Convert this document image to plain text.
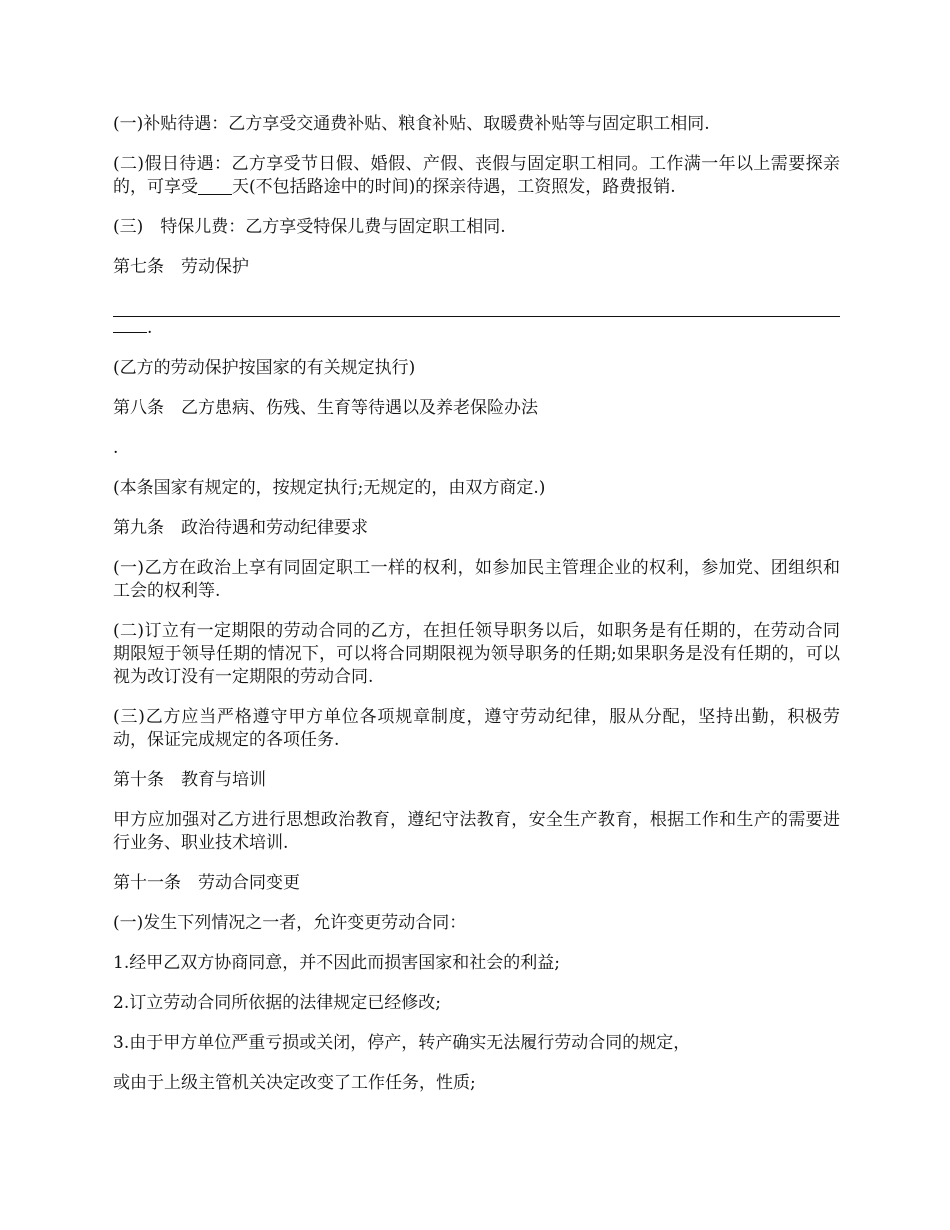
(一)补贴待遇：乙方享受交通费补贴、粮食补贴、取暖费补贴等与固定职工相同.

(二)假日待遇：乙方享受节日假、婚假、产假、丧假与固定职工相同。工作满一年以上需要探亲的，可享受 天(不包括路途中的时间)的探亲待遇，工资照发，路费报销.

(三)　特保儿费：乙方享受特保儿费与固定职工相同.

第七条　劳动保护

.

(乙方的劳动保护按国家的有关规定执行)

第八条　乙方患病、伤残、生育等待遇以及养老保险办法

.

(本条国家有规定的，按规定执行;无规定的，由双方商定.)

第九条　政治待遇和劳动纪律要求

(一)乙方在政治上享有同固定职工一样的权利，如参加民主管理企业的权利，参加党、团组织和工会的权利等.

(二)订立有一定期限的劳动合同的乙方，在担任领导职务以后，如职务是有任期的，在劳动合同期限短于领导任期的情况下，可以将合同期限视为领导职务的任期;如果职务是没有任期的，可以视为改订没有一定期限的劳动合同.

(三)乙方应当严格遵守甲方单位各项规章制度，遵守劳动纪律，服从分配，坚持出勤，积极劳动，保证完成规定的各项任务.

第十条　教育与培训

甲方应加强对乙方进行思想政治教育，遵纪守法教育，安全生产教育，根据工作和生产的需要进行业务、职业技术培训.

第十一条　劳动合同变更

(一)发生下列情况之一者，允许变更劳动合同：

1.经甲乙双方协商同意，并不因此而损害国家和社会的利益;

2.订立劳动合同所依据的法律规定已经修改;

3.由于甲方单位严重亏损或关闭，停产，转产确实无法履行劳动合同的规定，

或由于上级主管机关决定改变了工作任务，性质;
